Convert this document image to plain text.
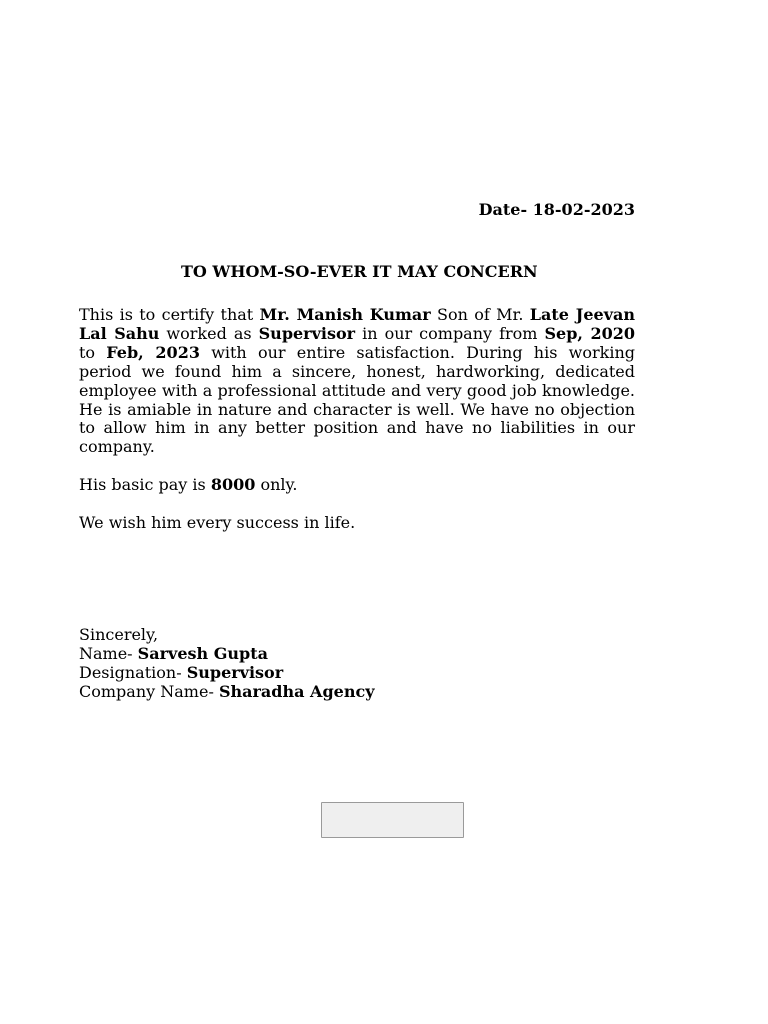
Date- 18-02-2023
TO WHOM-SO-EVER IT MAY CONCERN

This is to certify that Mr. Manish Kumar Son of Mr. Late Jeevan Lal Sahu worked as Supervisor in our company from Sep, 2020 to Feb, 2023 with our entire satisfaction. During his working period we found him a sincere, honest, hardworking, dedicated employee with a professional attitude and very good job knowledge. He is amiable in nature and character is well. We have no objection to allow him in any better position and have no liabilities in our company.

His basic pay is 8000 only.

We wish him every success in life.

Sincerely,
Name- Sarvesh Gupta
Designation- Supervisor
Company Name- Sharadha Agency
